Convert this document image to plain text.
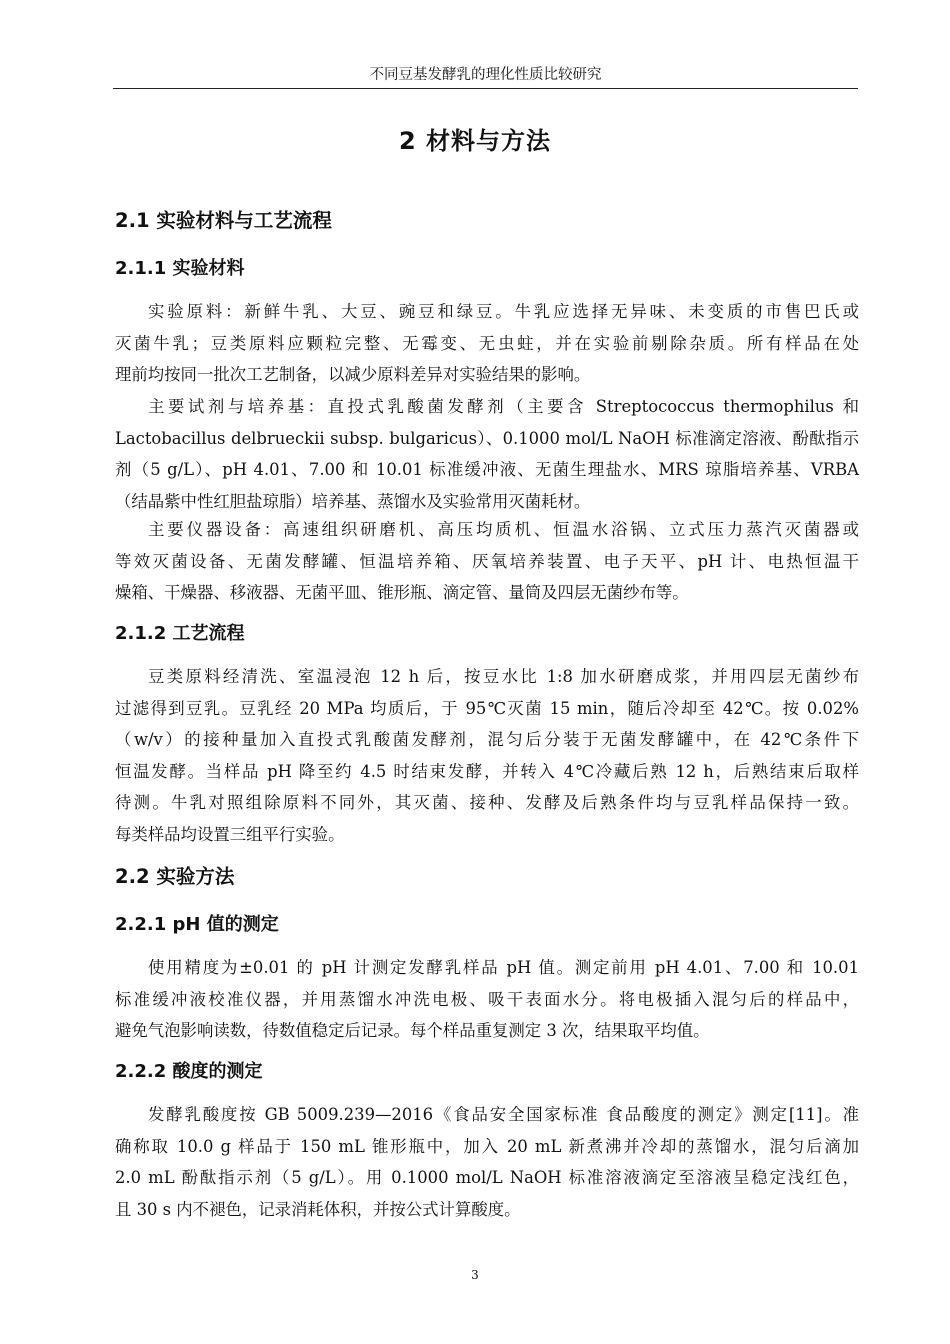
不同豆基发酵乳的理化性质比较研究
2 材料与方法
2.1 实验材料与工艺流程
2.1.1 实验材料
实验原料：新鲜牛乳、大豆、豌豆和绿豆。牛乳应选择无异味、未变质的市售巴氏或
灭菌牛乳；豆类原料应颗粒完整、无霉变、无虫蛀，并在实验前剔除杂质。所有样品在处
理前均按同一批次工艺制备，以减少原料差异对实验结果的影响。
主要试剂与培养基：直投式乳酸菌发酵剂（主要含 Streptococcus thermophilus 和
Lactobacillus delbrueckii subsp. bulgaricus）、0.1000 mol/L NaOH 标准滴定溶液、酚酞指示
剂（5 g/L）、pH 4.01、7.00 和 10.01 标准缓冲液、无菌生理盐水、MRS 琼脂培养基、VRBA
（结晶紫中性红胆盐琼脂）培养基、蒸馏水及实验常用灭菌耗材。
主要仪器设备：高速组织研磨机、高压均质机、恒温水浴锅、立式压力蒸汽灭菌器或
等效灭菌设备、无菌发酵罐、恒温培养箱、厌氧培养装置、电子天平、pH 计、电热恒温干
燥箱、干燥器、移液器、无菌平皿、锥形瓶、滴定管、量筒及四层无菌纱布等。
2.1.2 工艺流程
豆类原料经清洗、室温浸泡 12 h 后，按豆水比 1:8 加水研磨成浆，并用四层无菌纱布
过滤得到豆乳。豆乳经 20 MPa 均质后，于 95℃灭菌 15 min，随后冷却至 42℃。按 0.02%
（w/v）的接种量加入直投式乳酸菌发酵剂，混匀后分装于无菌发酵罐中，在 42℃条件下
恒温发酵。当样品 pH 降至约 4.5 时结束发酵，并转入 4℃冷藏后熟 12 h，后熟结束后取样
待测。牛乳对照组除原料不同外，其灭菌、接种、发酵及后熟条件均与豆乳样品保持一致。
每类样品均设置三组平行实验。
2.2 实验方法
2.2.1 pH 值的测定
使用精度为±0.01 的 pH 计测定发酵乳样品 pH 值。测定前用 pH 4.01、7.00 和 10.01
标准缓冲液校准仪器，并用蒸馏水冲洗电极、吸干表面水分。将电极插入混匀后的样品中，
避免气泡影响读数，待数值稳定后记录。每个样品重复测定 3 次，结果取平均值。
2.2.2 酸度的测定
发酵乳酸度按 GB 5009.239—2016《食品安全国家标准 食品酸度的测定》测定[11]。准
确称取 10.0 g 样品于 150 mL 锥形瓶中，加入 20 mL 新煮沸并冷却的蒸馏水，混匀后滴加
2.0 mL 酚酞指示剂（5 g/L）。用 0.1000 mol/L NaOH 标准溶液滴定至溶液呈稳定浅红色，
且 30 s 内不褪色，记录消耗体积，并按公式计算酸度。
3
